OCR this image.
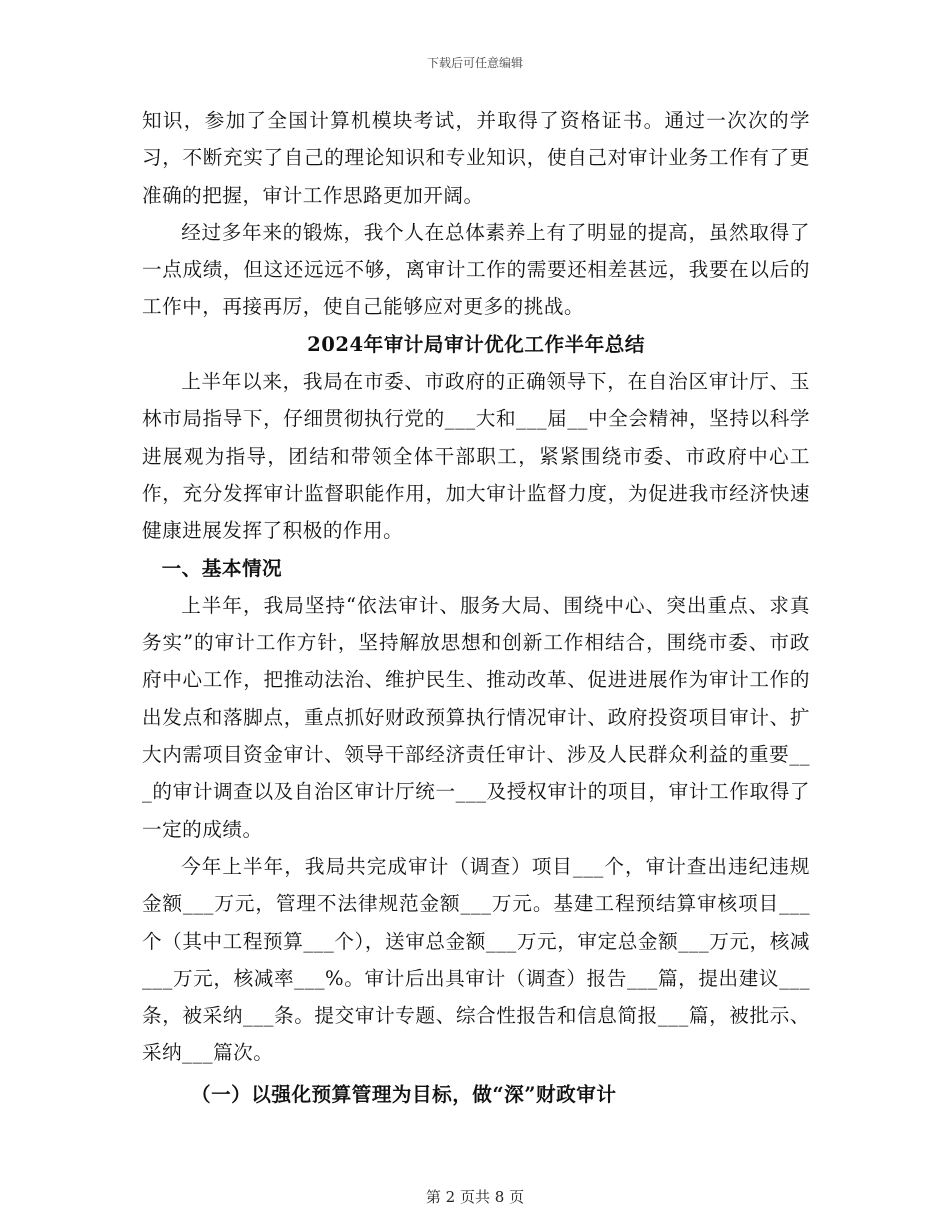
下载后可任意编辑

知识，参加了全国计算机模块考试，并取得了资格证书。通过一次次的学习，不断充实了自己的理论知识和专业知识，使自己对审计业务工作有了更准确的把握，审计工作思路更加开阔。

经过多年来的锻炼，我个人在总体素养上有了明显的提高，虽然取得了一点成绩，但这还远远不够，离审计工作的需要还相差甚远，我要在以后的工作中，再接再厉，使自己能够应对更多的挑战。

2024年审计局审计优化工作半年总结

上半年以来，我局在市委、市政府的正确领导下，在自治区审计厅、玉林市局指导下，仔细贯彻执行党的___大和___届__中全会精神，坚持以科学进展观为指导，团结和带领全体干部职工，紧紧围绕市委、市政府中心工作，充分发挥审计监督职能作用，加大审计监督力度，为促进我市经济快速健康进展发挥了积极的作用。

一、基本情况

上半年，我局坚持“依法审计、服务大局、围绕中心、突出重点、求真务实”的审计工作方针，坚持解放思想和创新工作相结合，围绕市委、市政府中心工作，把推动法治、维护民生、推动改革、促进进展作为审计工作的出发点和落脚点，重点抓好财政预算执行情况审计、政府投资项目审计、扩大内需项目资金审计、领导干部经济责任审计、涉及人民群众利益的重要___的审计调查以及自治区审计厅统一___及授权审计的项目，审计工作取得了一定的成绩。

今年上半年，我局共完成审计（调查）项目___个，审计查出违纪违规金额___万元，管理不法律规范金额___万元。基建工程预结算审核项目___个（其中工程预算___个），送审总金额___万元，审定总金额___万元，核减___万元，核减率___%。审计后出具审计（调查）报告___篇，提出建议___条，被采纳___条。提交审计专题、综合性报告和信息简报___篇，被批示、采纳___篇次。

（一）以强化预算管理为目标，做“深”财政审计

第 2 页共 8 页
